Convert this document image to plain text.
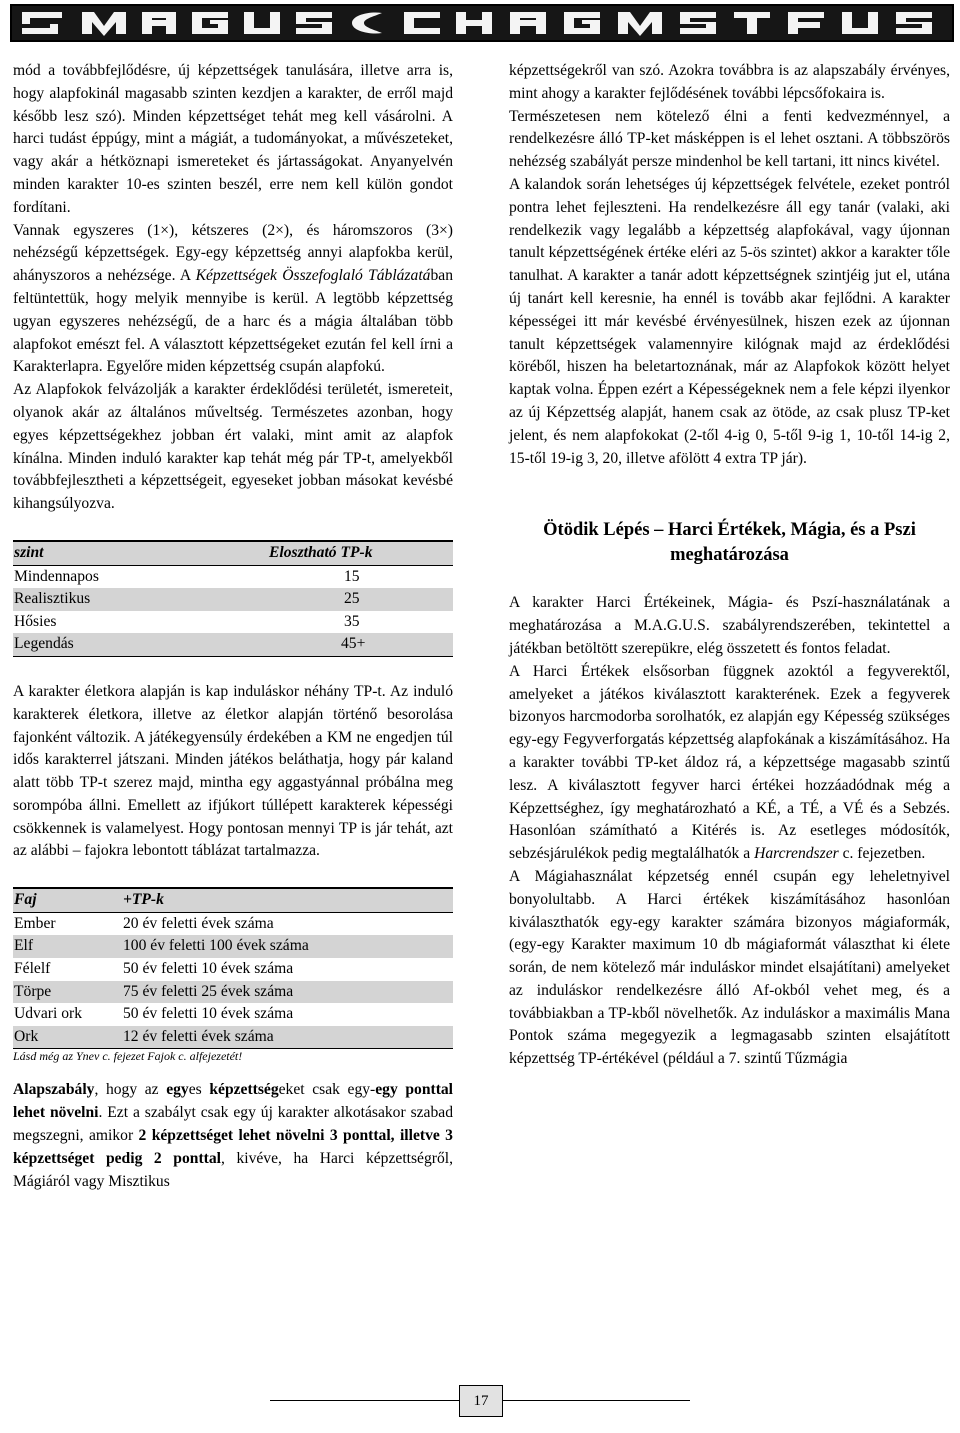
mód a továbbfejlődésre, új képzettségek tanulására, illetve arra is, hogy alapfokinál magasabb szinten kezdjen a karakter, de erről majd később lesz szó). Minden képzettséget tehát meg kell vásárolni. A harci tudást éppúgy, mint a mágiát, a tudományokat, a művészeteket, vagy akár a hétköznapi ismereteket és jártasságokat. Anyanyelvén minden karakter 10-es szinten beszél, erre nem kell külön gondot fordítani.

Vannak egyszeres (1×), kétszeres (2×), és háromszoros (3×) nehézségű képzettségek. Egy-egy képzettség annyi alapfokba kerül, ahányszoros a nehézsége. A Képzettségek Összefoglaló Táblázatában feltüntettük, hogy melyik mennyibe is kerül. A legtöbb képzettség ugyan egyszeres nehézségű, de a harc és a mágia általában több alapfokot emészt fel. A választott képzettségeket ezután fel kell írni a Karakterlapra. Egyelőre miden képzettség csupán alapfokú.

Az Alapfokok felvázolják a karakter érdeklődési területét, ismereteit, olyanok akár az általános műveltség. Természetes azonban, hogy egyes képzettségekhez jobban ért valaki, mint amit az alapfok kínálna. Minden induló karakter kap tehát még pár TP-t, amelyekből továbbfejlesztheti a képzettségeit, egyeseket jobban másokat kevésbé kihangsúlyozva.

szint	Elosztható TP-k
Mindennapos	15
Realisztikus	25
Hősies	35
Legendás	45+

A karakter életkora alapján is kap induláskor néhány TP-t. Az induló karakterek életkora, illetve az életkor alapján történő besorolása fajonként változik. A játékegyensúly érdekében a KM ne engedjen túl idős karakterrel játszani. Minden játékos beláthatja, hogy pár kaland alatt több TP-t szerez majd, mintha egy aggastyánnal próbálna meg sorompóba állni. Emellett az ifjúkort túllépett karakterek képességi csökkennek is valamelyest. Hogy pontosan mennyi TP is jár tehát, azt az alábbi – fajokra lebontott táblázat tartalmazza.

Faj	+TP-k
Ember	20 év feletti évek száma
Elf	100 év feletti 100 évek száma
Félelf	50 év feletti 10 évek száma
Törpe	75 év feletti 25 évek száma
Udvari ork	50 év feletti 10 évek száma
Ork	12 év feletti évek száma

Lásd még az Ynev c. fejezet Fajok c. alfejezetét!

Alapszabály, hogy az egyes képzettségeket csak egy-egy ponttal lehet növelni. Ezt a szabályt csak egy új karakter alkotásakor szabad megszegni, amikor 2 képzettséget lehet növelni 3 ponttal, illetve 3 képzettséget pedig 2 ponttal, kivéve, ha Harci képzettségről, Mágiáról vagy Misztikus

képzettségekről van szó. Azokra továbbra is az alapszabály érvényes, mint ahogy a karakter fejlődésének további lépcsőfokaira is.

Természetesen nem kötelező élni a fenti kedvezménnyel, a rendelkezésre álló TP-ket másképpen is el lehet osztani. A többszörös nehézség szabályát persze mindenhol be kell tartani, itt nincs kivétel.

A kalandok során lehetséges új képzettségek felvétele, ezeket pontról pontra lehet fejleszteni. Ha rendelkezésre áll egy tanár (valaki, aki rendelkezik vagy legalább a képzettség alapfokával, vagy újonnan tanult képzettségének értéke eléri az 5-ös szintet) akkor a karakter tőle tanulhat. A karakter a tanár adott képzettségnek szintjéig jut el, utána új tanárt kell keresnie, ha ennél is tovább akar fejlődni. A karakter képességei itt már kevésbé érvényesülnek, hiszen ezek az újonnan tanult képzettségek valamennyire kilógnak majd az érdeklődési köréből, hiszen ha beletartoznának, már az Alapfokok között helyet kaptak volna. Éppen ezért a Képességeknek nem a fele képzi ilyenkor az új Képzettség alapját, hanem csak az ötöde, az csak plusz TP-ket jelent, és nem alapfokokat (2-től 4-ig 0, 5-től 9-ig 1, 10-től 14-ig 2, 15-től 19-ig 3, 20, illetve afölött 4 extra TP jár).

Ötödik Lépés – Harci Értékek, Mágia, és a Pszi meghatározása

A karakter Harci Értékeinek, Mágia- és Pszí-használatának a meghatározása a M.A.G.U.S. szabályrendszerében, tekintettel a játékban betöltött szerepükre, elég összetett és fontos feladat.

A Harci Értékek elsősorban függnek azoktól a fegyverektől, amelyeket a játékos kiválasztott karakterének. Ezek a fegyverek bizonyos harcmodorba sorolhatók, ez alapján egy Képesség szükséges egy-egy Fegyverforgatás képzettség alapfokának a kiszámításához. Ha a karakter további TP-ket áldoz rá, a képzettsége magasabb szintű lesz. A kiválasztott fegyver harci értékei hozzáadódnak még a Képzettséghez, így meghatározható a KÉ, a TÉ, a VÉ és a Sebzés. Hasonlóan számítható a Kitérés is. Az esetleges módosítók, sebzésjárulékok pedig megtalálhatók a Harcrendszer c. fejezetben.

A Mágiahasználat képzetség ennél csupán egy leheletnyivel bonyolultabb. A Harci értékek kiszámításához hasonlóan kiválaszthatók egy-egy karakter számára bizonyos mágiaformák, (egy-egy Karakter maximum 10 db mágiaformát választhat ki élete során, de nem kötelező már induláskor mindet elsajátítani) amelyeket az induláskor rendelkezésre álló Af-okból vehet meg, és a továbbiakban a TP-kből növelhetők. Az induláskor a maximális Mana Pontok száma megegyezik a legmagasabb szinten elsajátított képzettség TP-értékével (például a 7. szintű Tűzmágia

17
